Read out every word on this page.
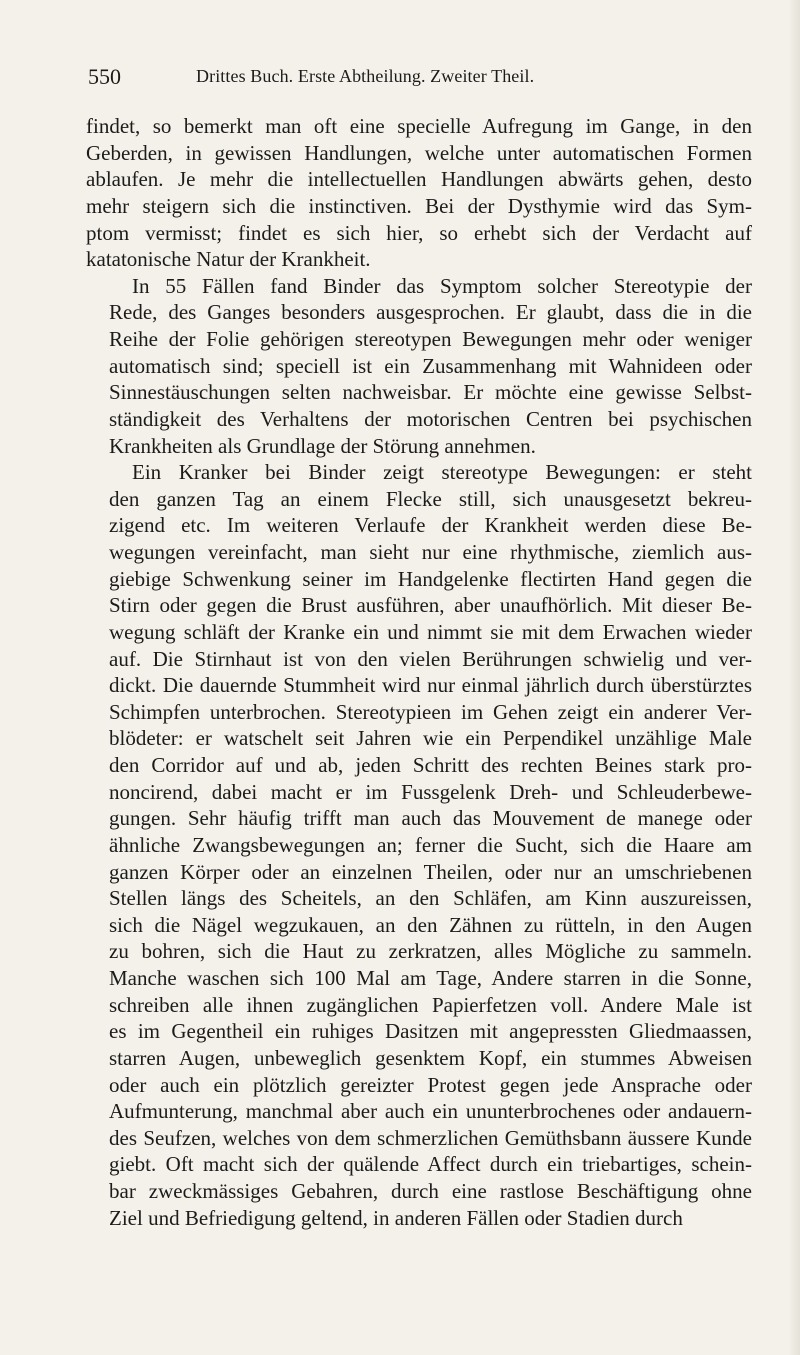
550	Drittes Buch. Erste Abtheilung. Zweiter Theil.
findet, so bemerkt man oft eine specielle Aufregung im Gange, in den
Geberden, in gewissen Handlungen, welche unter automatischen Formen
ablaufen. Je mehr die intellectuellen Handlungen abwärts gehen, desto
mehr steigern sich die instinctiven. Bei der Dysthymie wird das Sym-
ptom vermisst; findet es sich hier, so erhebt sich der Verdacht auf
katatonische Natur der Krankheit.
In 55 Fällen fand Binder das Symptom solcher Stereotypie der
Rede, des Ganges besonders ausgesprochen. Er glaubt, dass die in die
Reihe der Folie gehörigen stereotypen Bewegungen mehr oder weniger
automatisch sind; speciell ist ein Zusammenhang mit Wahnideen oder
Sinnestäuschungen selten nachweisbar. Er möchte eine gewisse Selbst-
ständigkeit des Verhaltens der motorischen Centren bei psychischen
Krankheiten als Grundlage der Störung annehmen.
Ein Kranker bei Binder zeigt stereotype Bewegungen: er steht
den ganzen Tag an einem Flecke still, sich unausgesetzt bekreu-
zigend etc. Im weiteren Verlaufe der Krankheit werden diese Be-
wegungen vereinfacht, man sieht nur eine rhythmische, ziemlich aus-
giebige Schwenkung seiner im Handgelenke flectirten Hand gegen die
Stirn oder gegen die Brust ausführen, aber unaufhörlich. Mit dieser Be-
wegung schläft der Kranke ein und nimmt sie mit dem Erwachen wieder
auf. Die Stirnhaut ist von den vielen Berührungen schwielig und ver-
dickt. Die dauernde Stummheit wird nur einmal jährlich durch überstürztes
Schimpfen unterbrochen. Stereotypieen im Gehen zeigt ein anderer Ver-
blödeter: er watschelt seit Jahren wie ein Perpendikel unzählige Male
den Corridor auf und ab, jeden Schritt des rechten Beines stark pro-
noncirend, dabei macht er im Fussgelenk Dreh- und Schleuderbewe-
gungen. Sehr häufig trifft man auch das Mouvement de manege oder
ähnliche Zwangsbewegungen an; ferner die Sucht, sich die Haare am
ganzen Körper oder an einzelnen Theilen, oder nur an umschriebenen
Stellen längs des Scheitels, an den Schläfen, am Kinn auszureissen,
sich die Nägel wegzukauen, an den Zähnen zu rütteln, in den Augen
zu bohren, sich die Haut zu zerkratzen, alles Mögliche zu sammeln.
Manche waschen sich 100 Mal am Tage, Andere starren in die Sonne,
schreiben alle ihnen zugänglichen Papierfetzen voll. Andere Male ist
es im Gegentheil ein ruhiges Dasitzen mit angepressten Gliedmaassen,
starren Augen, unbeweglich gesenktem Kopf, ein stummes Abweisen
oder auch ein plötzlich gereizter Protest gegen jede Ansprache oder
Aufmunterung, manchmal aber auch ein ununterbrochenes oder andauern-
des Seufzen, welches von dem schmerzlichen Gemüthsbann äussere Kunde
giebt. Oft macht sich der quälende Affect durch ein triebartiges, schein-
bar zweckmässiges Gebahren, durch eine rastlose Beschäftigung ohne
Ziel und Befriedigung geltend, in anderen Fällen oder Stadien durch
